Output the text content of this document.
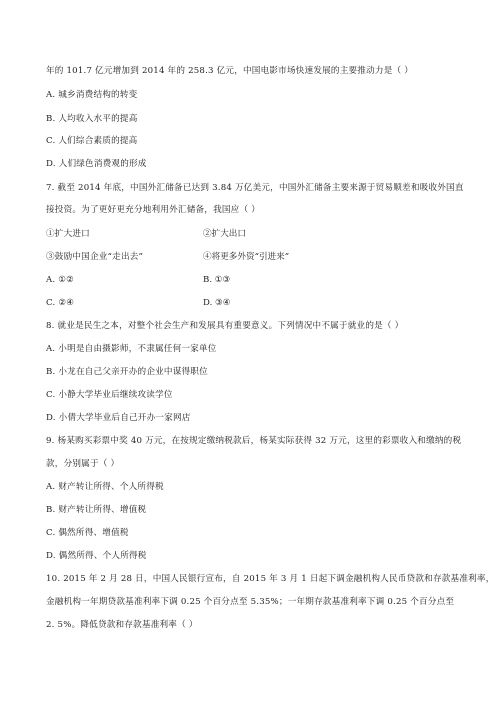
年的 101.7 亿元增加到 2014 年的 258.3 亿元，中国电影市场快速发展的主要推动力是（ ）
A. 城乡消费结构的转变
B. 人均收入水平的提高
C. 人们综合素质的提高
D. 人们绿色消费观的形成
7. 截至 2014 年底，中国外汇储备已达到 3.84 万亿美元，中国外汇储备主要来源于贸易顺差和吸收外国直
接投资。为了更好更充分地利用外汇储备，我国应（ ）
①扩大进口	②扩大出口
③鼓励中国企业“走出去”	④将更多外资“引进来”
A. ①②	B. ①③
C. ②④	D. ③④
8. 就业是民生之本，对整个社会生产和发展具有重要意义。下列情况中不属于就业的是（ ）
A. 小明是自由摄影师，不隶属任何一家单位
B. 小龙在自己父亲开办的企业中谋得职位
C. 小静大学毕业后继续攻读学位
D. 小倩大学毕业后自己开办一家网店
9. 杨某购买彩票中奖 40 万元，在按规定缴纳税款后，杨某实际获得 32 万元，这里的彩票收入和缴纳的税
款，分别属于（ ）
A. 财产转让所得、个人所得税
B. 财产转让所得、增值税
C. 偶然所得、增值税
D. 偶然所得、个人所得税
10. 2015 年 2 月 28 日，中国人民银行宣布，自 2015 年 3 月 1 日起下调金融机构人民币贷款和存款基准利率，
金融机构一年期贷款基准利率下调 0.25 个百分点至 5.35%；一年期存款基准利率下调 0.25 个百分点至
2. 5%。降低贷款和存款基准利率（ ）
